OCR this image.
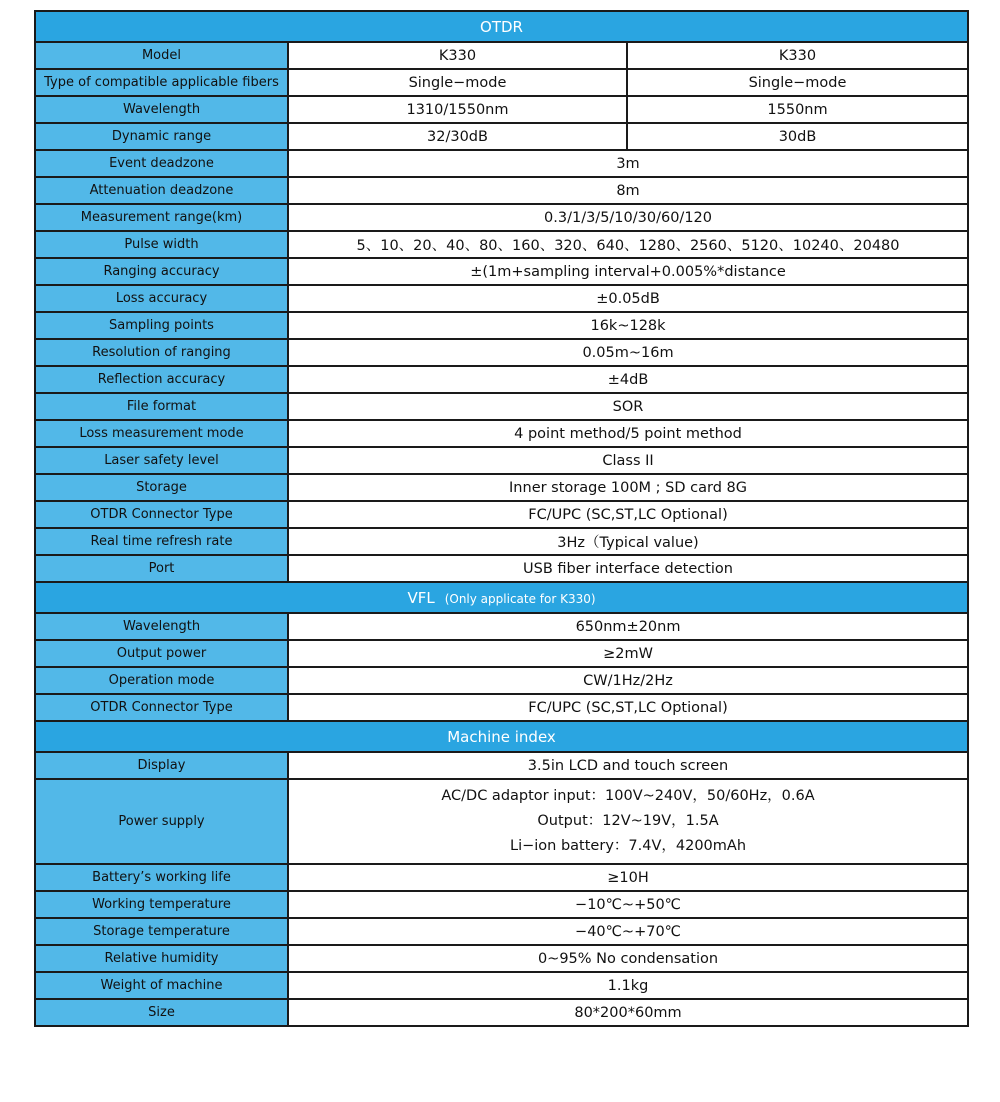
OTDR		
Model	K330	K330
Type of compatible applicable fibers	Single−mode	Single−mode
Wavelength	1310/1550nm	1550nm
Dynamic range	32/30dB	30dB
Event deadzone	3m	
Attenuation deadzone	8m	
Measurement range(km)	0.3/1/3/5/10/30/60/120	
Pulse width	5、10、20、40、80、160、320、640、1280、2560、5120、10240、20480	
Ranging accuracy	±(1m+sampling interval+0.005%*distance	
Loss accuracy	±0.05dB	
Sampling points	16k~128k	
Resolution of ranging	0.05m~16m	
Reflection accuracy	±4dB	
File format	SOR	
Loss measurement mode	4 point method/5 point method	
Laser safety level	Class II	
Storage	Inner storage 100M ; SD card 8G	
OTDR Connector Type	FC/UPC (SC,ST,LC Optional)	
Real time refresh rate	3Hz（Typical value)	
Port	USB fiber interface detection	
VFL (Only applicate for K330)		
Wavelength	650nm±20nm	
Output power	≥2mW	
Operation mode	CW/1Hz/2Hz	
OTDR Connector Type	FC/UPC (SC,ST,LC Optional)	
Machine index		
Display	3.5in LCD and touch screen	
Power supply	AC/DC adaptor input：100V~240V，50/60Hz，0.6A
Output：12V~19V，1.5A
Li−ion battery：7.4V，4200mAh	

Battery’s working life	≥10H	
Working temperature	−10℃~+50℃	
Storage temperature	−40℃~+70℃	
Relative humidity	0~95% No condensation	
Weight of machine	1.1kg	
Size	80*200*60mm	
